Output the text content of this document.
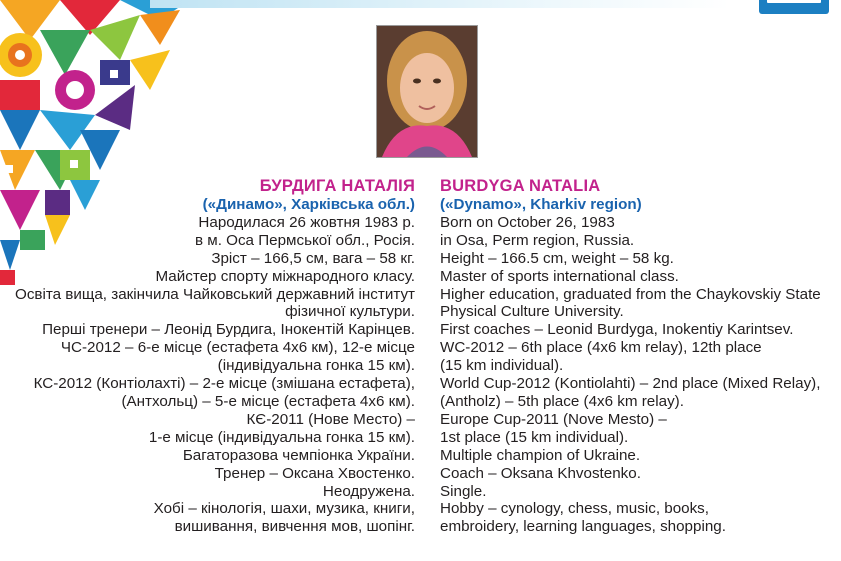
БУРДИГА НАТАЛІЯ
(«Динамо», Харківська обл.)
Народилася 26 жовтня 1983 р.
в м. Оса Пермської обл., Росія.
Зріст – 166,5 см, вага – 58 кг.
Майстер спорту міжнародного класу.
Освіта вища, закінчила Чайковський державний інститут
фізичної культури.
Перші тренери – Леонід Бурдига, Інокентій Карінцев.
ЧС-2012 – 6-е місце (естафета 4х6 км), 12-е місце
(індивідуальна гонка 15 км).
КС-2012 (Контіолахті) – 2-е місце (змішана естафета),
(Антхольц) – 5-е місце (естафета 4х6 км).
КЄ-2011 (Нове Место) –
1-е місце (індивідуальна гонка 15 км).
Багаторазова чемпіонка України.
Тренер – Оксана Хвостенко.
Неодружена.
Хобі – кінологія, шахи, музика, книги,
вишивання, вивчення мов, шопінг.
BURDYGA NATALIA
(«Dynamo», Kharkiv region)
Born on October 26, 1983
in Osa, Perm region, Russia.
Height – 166.5 cm, weight – 58 kg.
Master of sports international class.
Higher education, graduated from the Chaykovskiy State
Physical Culture University.
First coaches – Leonid Burdyga, Inokentiy Karintsev.
WC-2012 – 6th place (4x6 km relay), 12th place
(15 km individual).
World Cup-2012 (Kontiolahti) – 2nd place (Mixed Relay),
(Antholz) – 5th place (4x6 km relay).
Europe Cup-2011 (Nove Mesto) –
1st place (15 km individual).
Multiple champion of Ukraine.
Coach – Oksana Khvostenko.
Single.
Hobby – cynology, chess, music, books,
embroidery, learning languages, shopping.
